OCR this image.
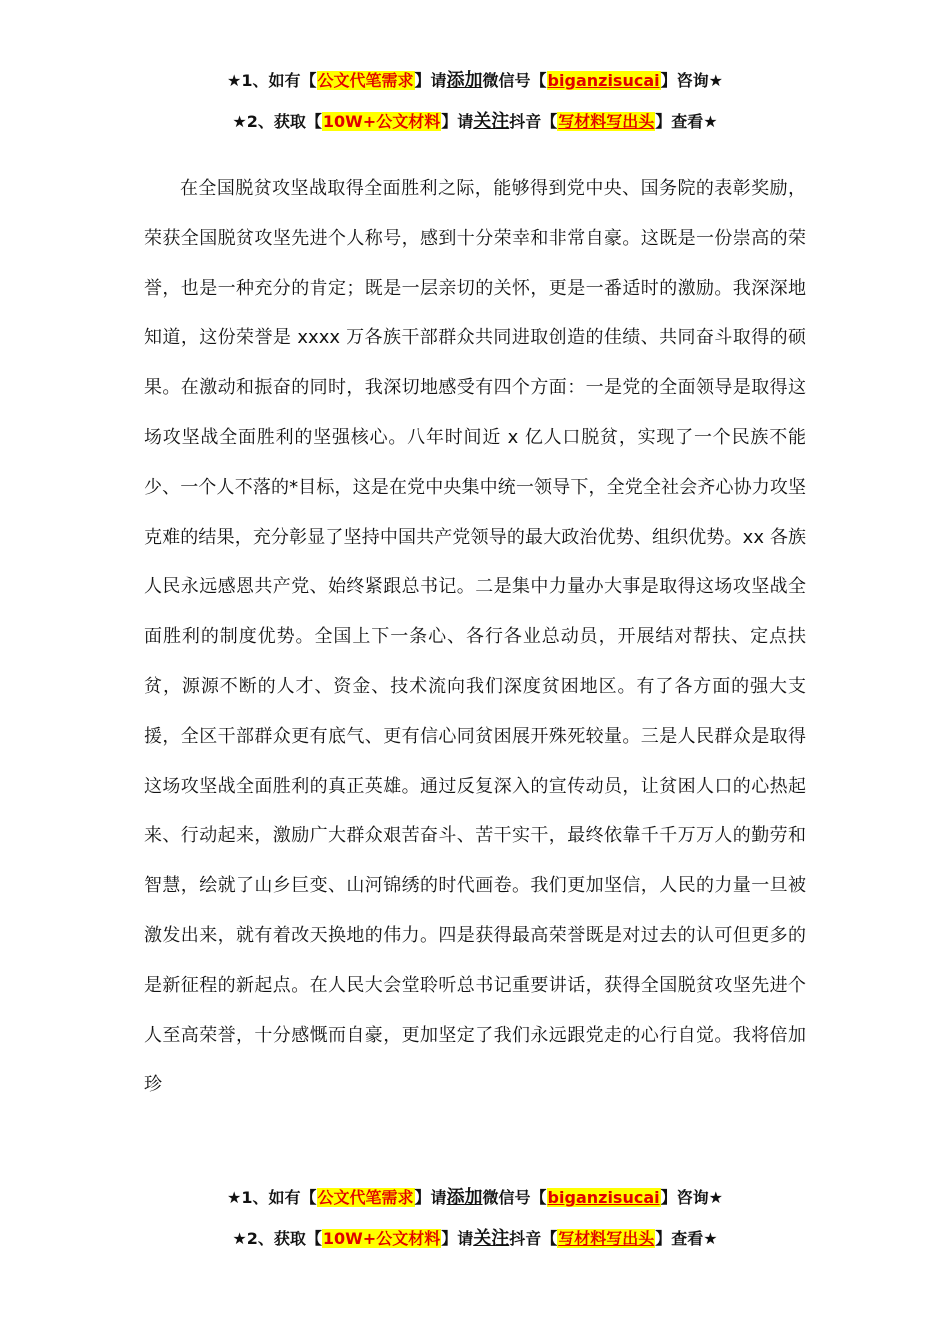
★1、如有【公文代笔需求】请添加微信号【biganzisucai】咨询★
★2、获取【10W+公文材料】请关注抖音【写材料写出头】查看★

在全国脱贫攻坚战取得全面胜利之际，能够得到党中央、国务院的表彰奖励，荣获全国脱贫攻坚先进个人称号，感到十分荣幸和非常自豪。这既是一份崇高的荣誉，也是一种充分的肯定；既是一层亲切的关怀，更是一番适时的激励。我深深地知道，这份荣誉是 xxxx 万各族干部群众共同进取创造的佳绩、共同奋斗取得的硕果。在激动和振奋的同时，我深切地感受有四个方面：一是党的全面领导是取得这场攻坚战全面胜利的坚强核心。八年时间近 x 亿人口脱贫，实现了一个民族不能少、一个人不落的*目标，这是在党中央集中统一领导下，全党全社会齐心协力攻坚克难的结果，充分彰显了坚持中国共产党领导的最大政治优势、组织优势。xx 各族人民永远感恩共产党、始终紧跟总书记。二是集中力量办大事是取得这场攻坚战全面胜利的制度优势。全国上下一条心、各行各业总动员，开展结对帮扶、定点扶贫，源源不断的人才、资金、技术流向我们深度贫困地区。有了各方面的强大支援，全区干部群众更有底气、更有信心同贫困展开殊死较量。三是人民群众是取得这场攻坚战全面胜利的真正英雄。通过反复深入的宣传动员，让贫困人口的心热起来、行动起来，激励广大群众艰苦奋斗、苦干实干，最终依靠千千万万人的勤劳和智慧，绘就了山乡巨变、山河锦绣的时代画卷。我们更加坚信，人民的力量一旦被激发出来，就有着改天换地的伟力。四是获得最高荣誉既是对过去的认可但更多的是新征程的新起点。在人民大会堂聆听总书记重要讲话，获得全国脱贫攻坚先进个人至高荣誉，十分感慨而自豪，更加坚定了我们永远跟党走的心行自觉。我将倍加珍

★1、如有【公文代笔需求】请添加微信号【biganzisucai】咨询★
★2、获取【10W+公文材料】请关注抖音【写材料写出头】查看★
